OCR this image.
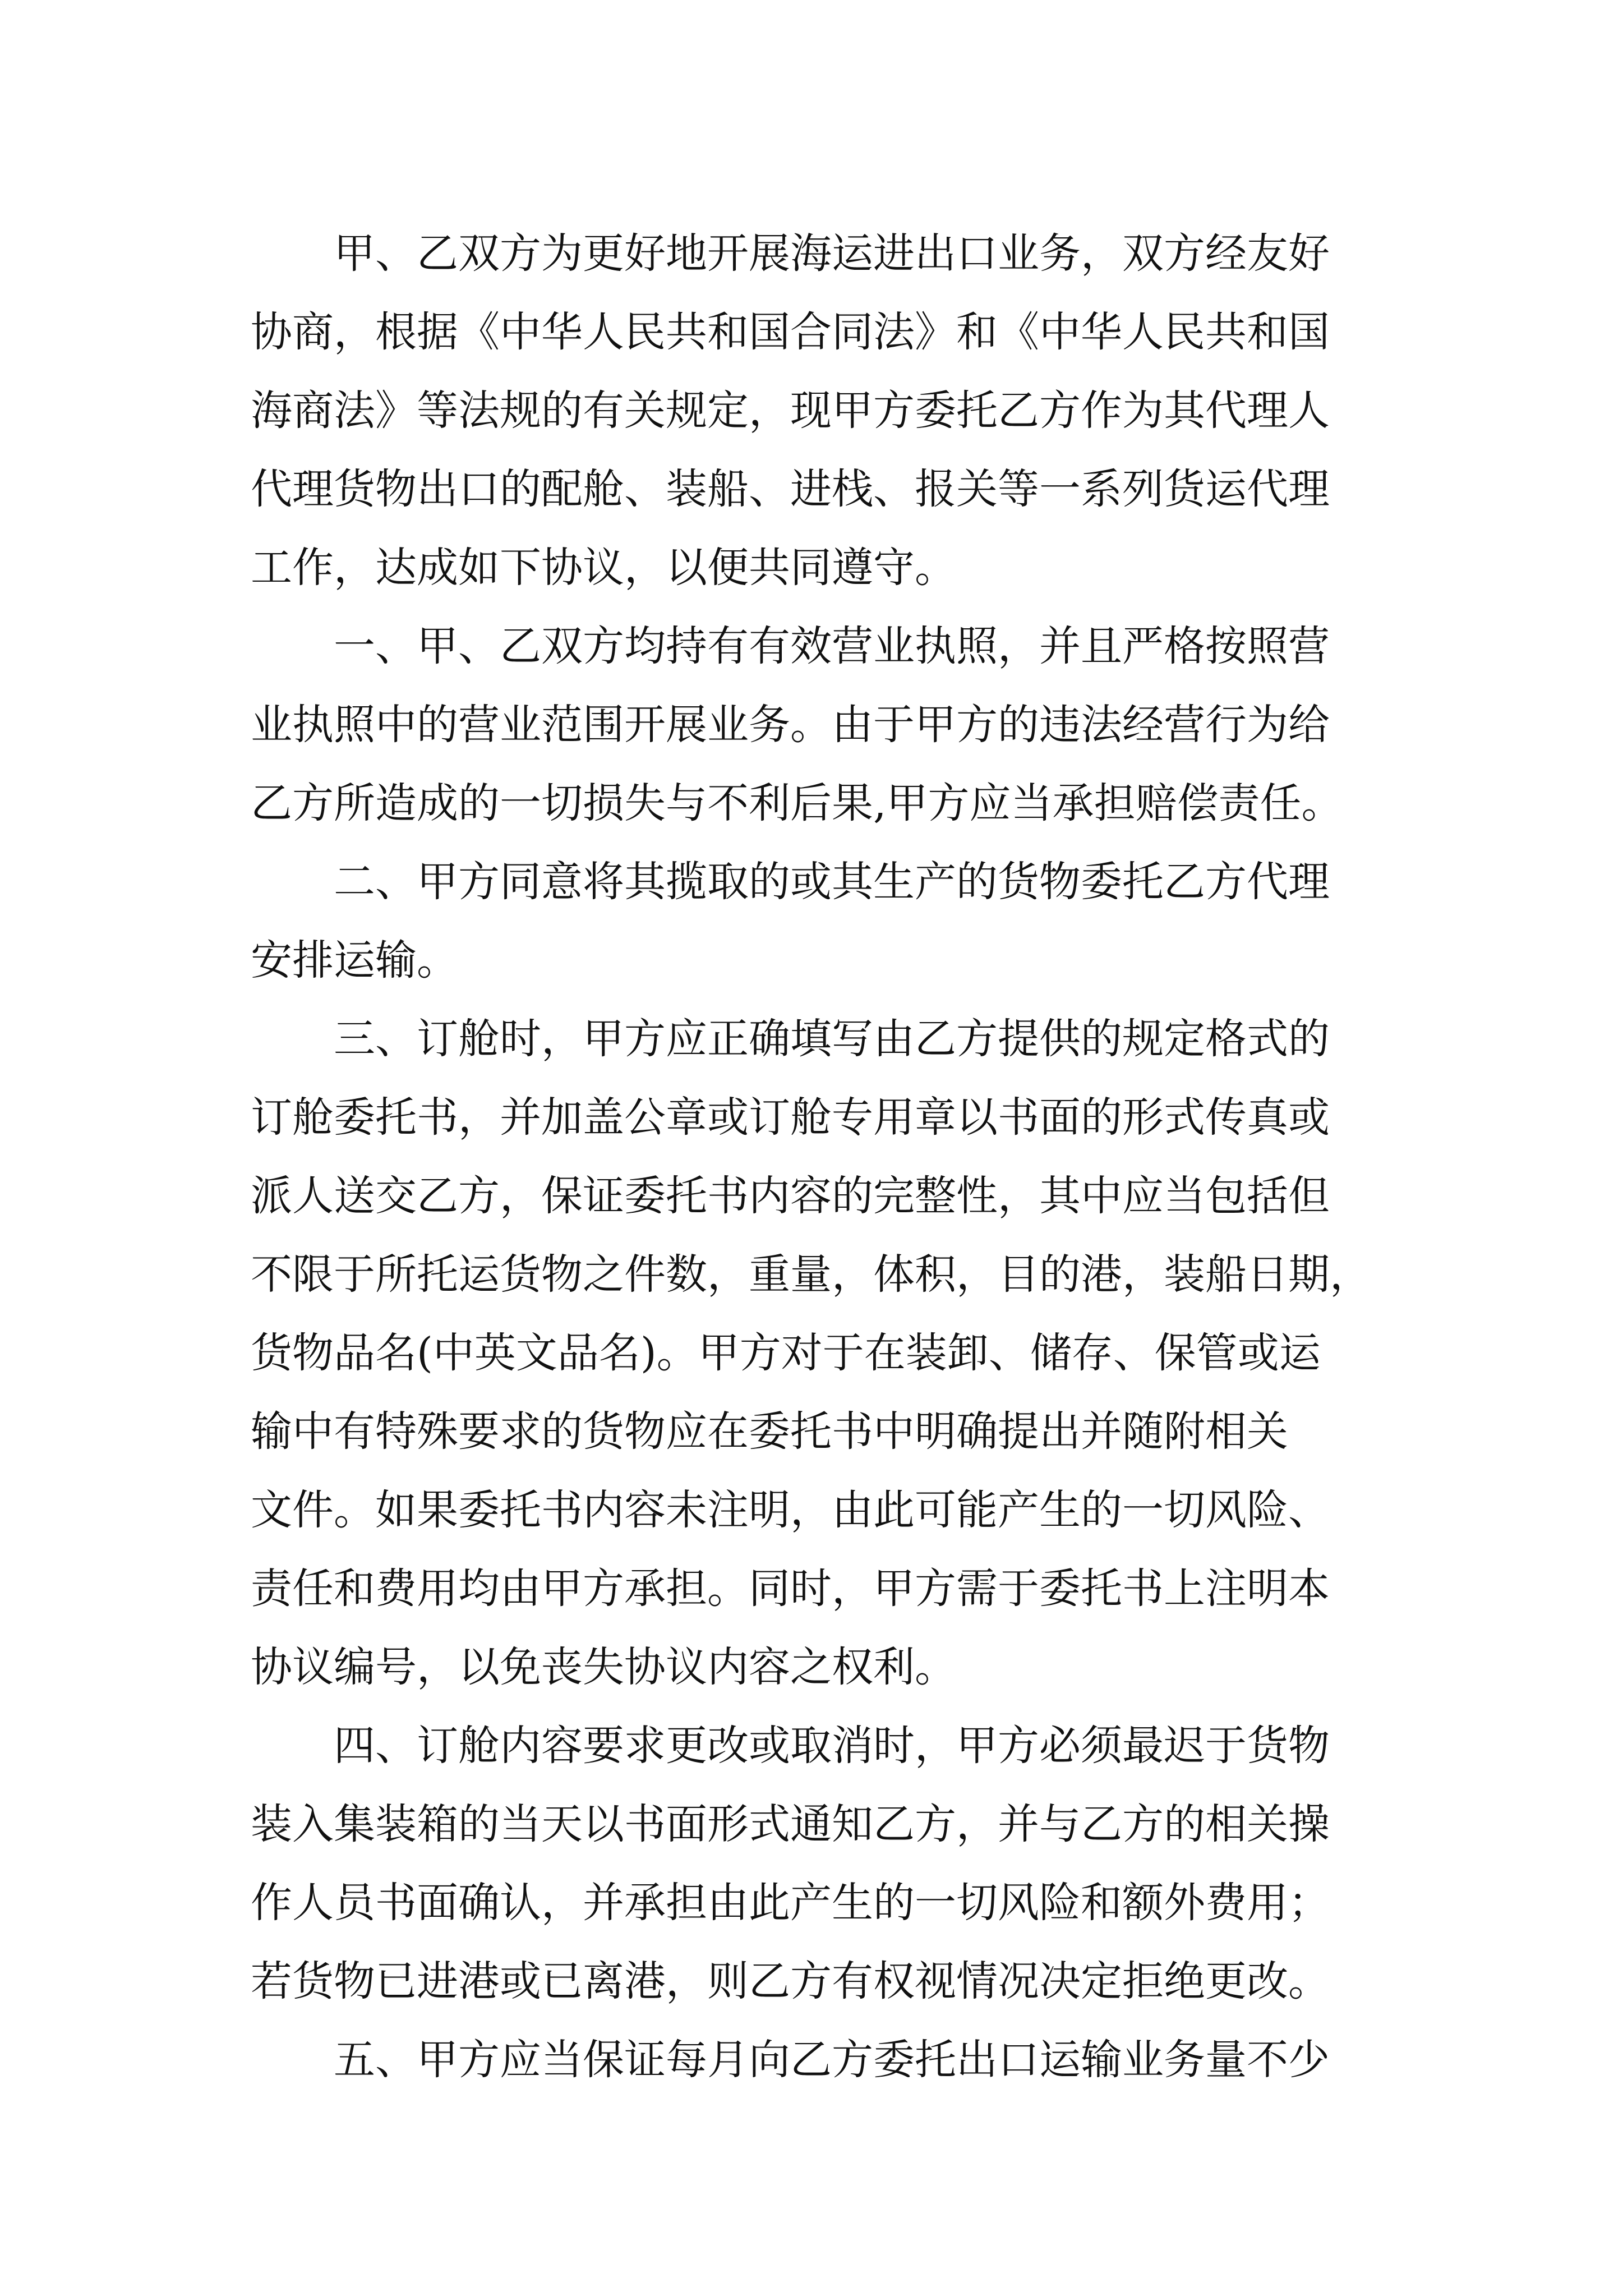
　　甲、乙双方为更好地开展海运进出口业务，双方经友好
协商，根据《中华人民共和国合同法》和《中华人民共和国
海商法》等法规的有关规定，现甲方委托乙方作为其代理人
代理货物出口的配舱、装船、进栈、报关等一系列货运代理
工作，达成如下协议，以便共同遵守。
　　一、甲、乙双方均持有有效营业执照，并且严格按照营
业执照中的营业范围开展业务。由于甲方的违法经营行为给
乙方所造成的一切损失与不利后果,甲方应当承担赔偿责任。
　　二、甲方同意将其揽取的或其生产的货物委托乙方代理
安排运输。
　　三、订舱时，甲方应正确填写由乙方提供的规定格式的
订舱委托书，并加盖公章或订舱专用章以书面的形式传真或
派人送交乙方，保证委托书内容的完整性，其中应当包括但
不限于所托运货物之件数，重量，体积，目的港，装船日期，
货物品名(中英文品名)。甲方对于在装卸、储存、保管或运
输中有特殊要求的货物应在委托书中明确提出并随附相关
文件。如果委托书内容未注明，由此可能产生的一切风险、
责任和费用均由甲方承担。同时，甲方需于委托书上注明本
协议编号，以免丧失协议内容之权利。
　　四、订舱内容要求更改或取消时，甲方必须最迟于货物
装入集装箱的当天以书面形式通知乙方，并与乙方的相关操
作人员书面确认，并承担由此产生的一切风险和额外费用；
若货物已进港或已离港，则乙方有权视情况决定拒绝更改。
　　五、甲方应当保证每月向乙方委托出口运输业务量不少
